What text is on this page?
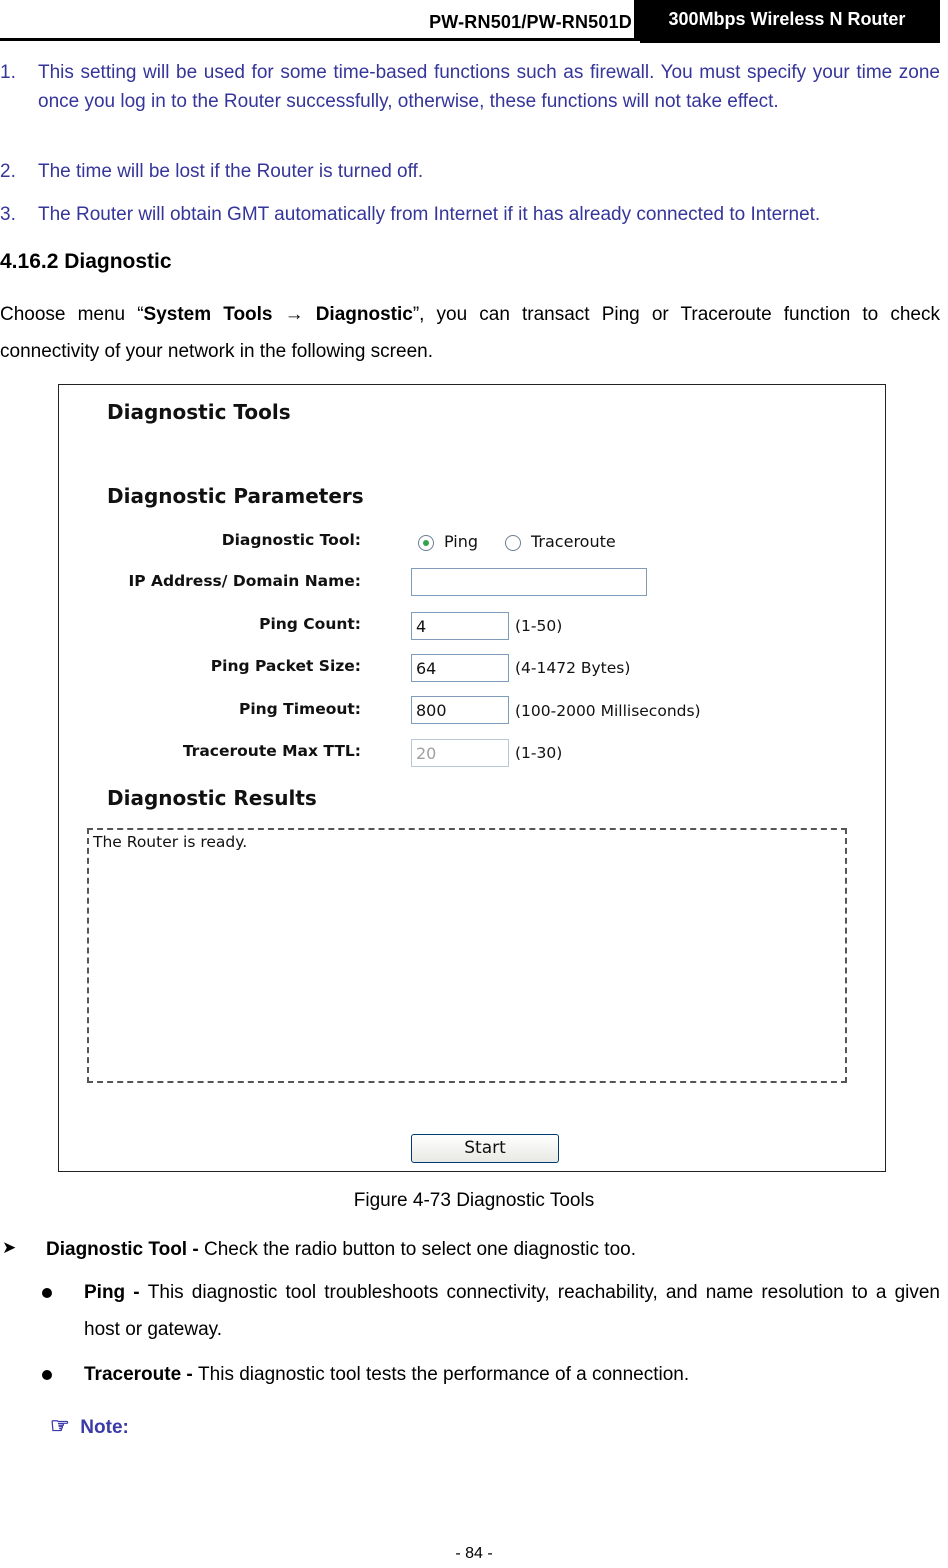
PW-RN501/PW-RN501D	300Mbps Wireless N Router
1. This setting will be used for some time-based functions such as firewall. You must specify your time zone once you log in to the Router successfully, otherwise, these functions will not take effect.
2. The time will be lost if the Router is turned off.
3. The Router will obtain GMT automatically from Internet if it has already connected to Internet.
4.16.2 Diagnostic
Choose menu “System Tools → Diagnostic”, you can transact Ping or Traceroute function to check connectivity of your network in the following screen.
Diagnostic Tools
Diagnostic Parameters
Diagnostic Tool:	Ping	Traceroute
IP Address/ Domain Name:
Ping Count:	4	(1-50)
Ping Packet Size:	64	(4-1472 Bytes)
Ping Timeout:	800	(100-2000 Milliseconds)
Traceroute Max TTL:	20	(1-30)
Diagnostic Results
The Router is ready.
Start
Figure 4-73 Diagnostic Tools
➤ Diagnostic Tool - Check the radio button to select one diagnostic too.
Ping - This diagnostic tool troubleshoots connectivity, reachability, and name resolution to a given host or gateway.
Traceroute - This diagnostic tool tests the performance of a connection.
☜ Note:
- 84 -
